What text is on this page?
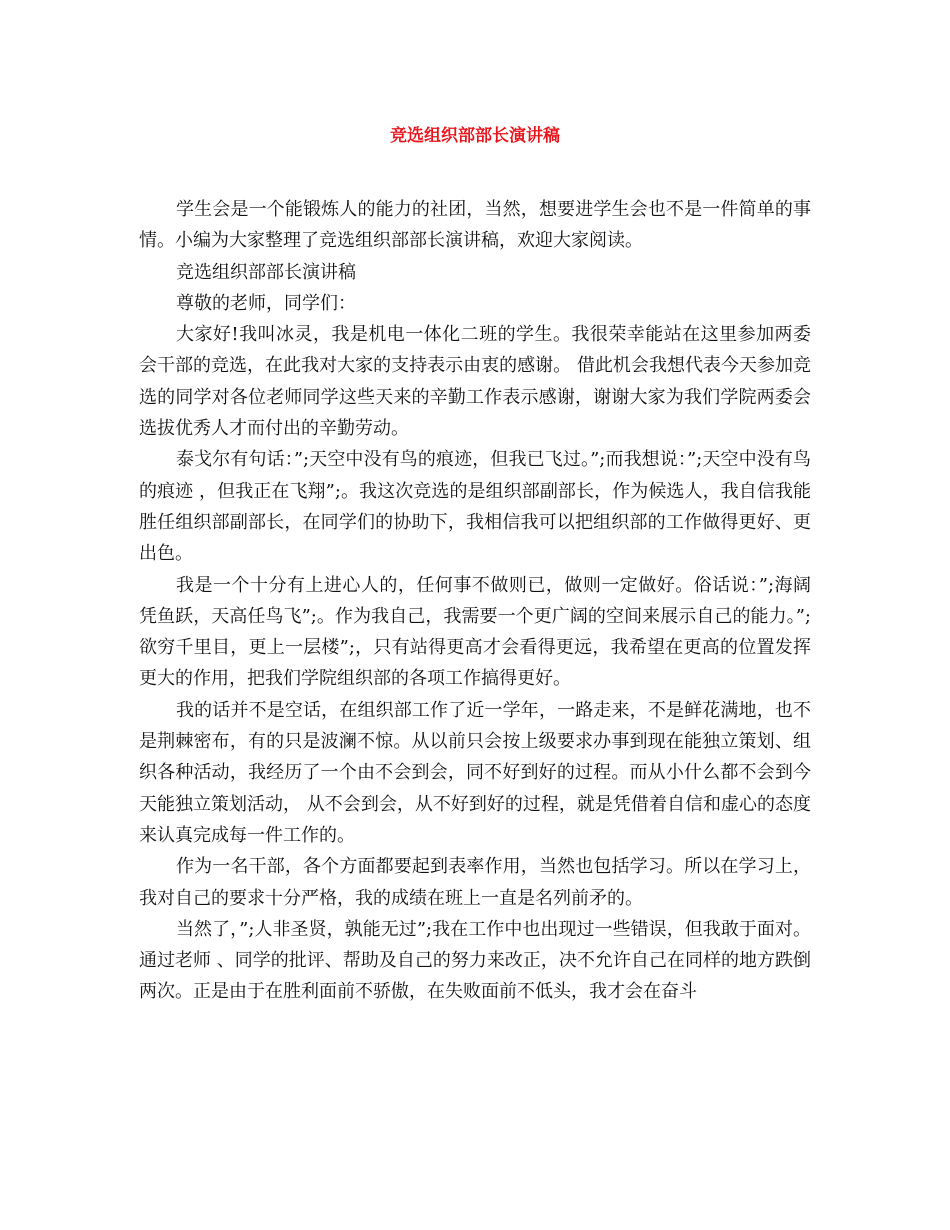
竞选组织部部长演讲稿

学生会是一个能锻炼人的能力的社团，当然，想要进学生会也不是一件简单的事情。小编为大家整理了竞选组织部部长演讲稿，欢迎大家阅读。

竞选组织部部长演讲稿

尊敬的老师，同学们：

大家好!我叫冰灵，我是机电一体化二班的学生。我很荣幸能站在这里参加两委会干部的竞选，在此我对大家的支持表示由衷的感谢。 借此机会我想代表今天参加竞选的同学对各位老师同学这些天来的辛勤工作表示感谢，谢谢大家为我们学院两委会选拔优秀人才而付出的辛勤劳动。

泰戈尔有句话：”;天空中没有鸟的痕迹，但我已飞过。”;而我想说：”;天空中没有鸟的痕迹 ，但我正在飞翔”;。我这次竞选的是组织部副部长，作为候选人，我自信我能胜任组织部副部长，在同学们的协助下，我相信我可以把组织部的工作做得更好、更出色。

我是一个十分有上进心人的，任何事不做则已，做则一定做好。俗话说：”;海阔凭鱼跃，天高任鸟飞”;。作为我自己，我需要一个更广阔的空间来展示自己的能力。”;欲穷千里目，更上一层楼”;，只有站得更高才会看得更远，我希望在更高的位置发挥更大的作用，把我们学院组织部的各项工作搞得更好。

我的话并不是空话，在组织部工作了近一学年，一路走来，不是鲜花满地，也不是荆棘密布，有的只是波澜不惊。从以前只会按上级要求办事到现在能独立策划、组织各种活动，我经历了一个由不会到会，同不好到好的过程。而从小什么都不会到今天能独立策划活动， 从不会到会，从不好到好的过程，就是凭借着自信和虚心的态度来认真完成每一件工作的。

作为一名干部，各个方面都要起到表率作用，当然也包括学习。所以在学习上，我对自己的要求十分严格，我的成绩在班上一直是名列前矛的。

当然了，”;人非圣贤，孰能无过”;我在工作中也出现过一些错误，但我敢于面对。通过老师 、同学的批评、帮助及自己的努力来改正，决不允许自己在同样的地方跌倒两次。正是由于在胜利面前不骄傲，在失败面前不低头，我才会在奋斗
